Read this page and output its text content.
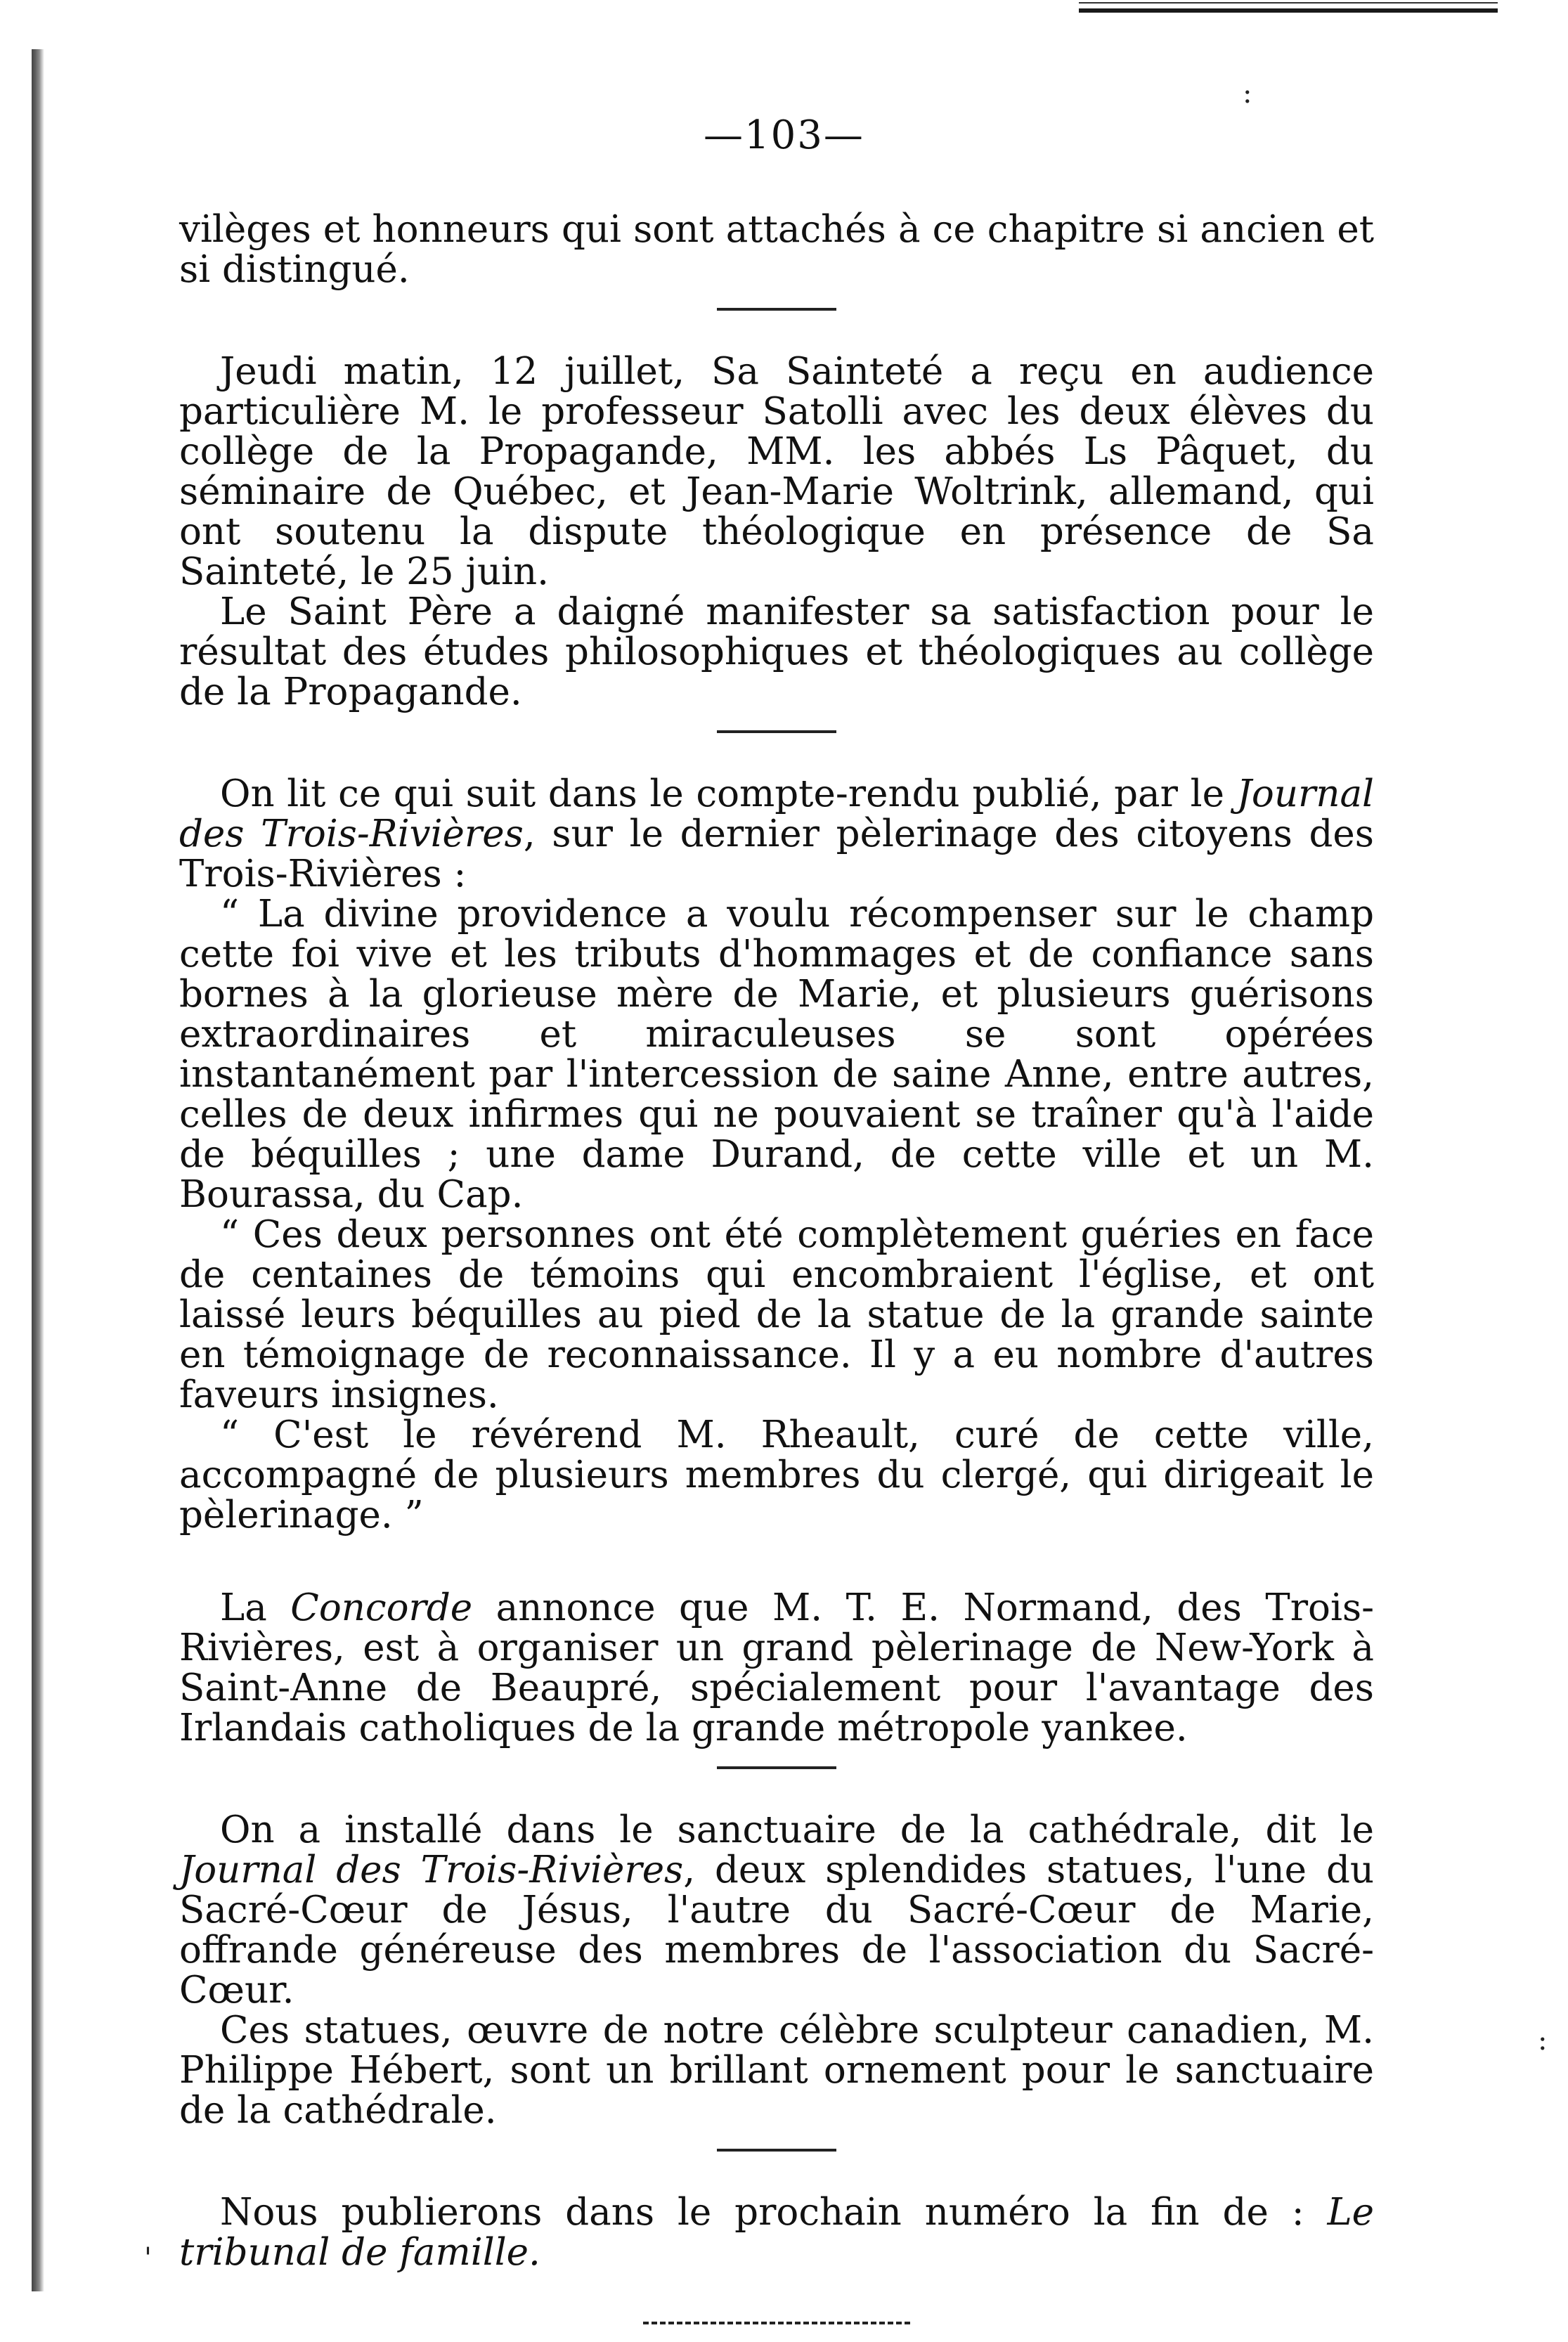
—103—

vilèges et honneurs qui sont attachés à ce chapitre si ancien et si distingué.

Jeudi matin, 12 juillet, Sa Sainteté a reçu en audience particulière M. le professeur Satolli avec les deux élèves du collège de la Propagande, MM. les abbés Ls Pâquet, du séminaire de Québec, et Jean-Marie Woltrink, allemand, qui ont soutenu la dispute théologique en présence de Sa Sainteté, le 25 juin.

Le Saint Père a daigné manifester sa satisfaction pour le résultat des études philosophiques et théologiques au collège de la Propagande.

On lit ce qui suit dans le compte-rendu publié, par le Journal des Trois-Rivières, sur le dernier pèlerinage des citoyens des Trois-Rivières :

“ La divine providence a voulu récompenser sur le champ cette foi vive et les tributs d'hommages et de confiance sans bornes à la glorieuse mère de Marie, et plusieurs guérisons extraordinaires et miraculeuses se sont opérées instantanément par l'intercession de saine Anne, entre autres, celles de deux infirmes qui ne pouvaient se traîner qu'à l'aide de béquilles ; une dame Durand, de cette ville et un M. Bourassa, du Cap.

“ Ces deux personnes ont été complètement guéries en face de centaines de témoins qui encombraient l'église, et ont laissé leurs béquilles au pied de la statue de la grande sainte en témoignage de reconnaissance. Il y a eu nombre d'autres faveurs insignes.

“ C'est le révérend M. Rheault, curé de cette ville, accompagné de plusieurs membres du clergé, qui dirigeait le pèlerinage. ”

La Concorde annonce que M. T. E. Normand, des Trois-Rivières, est à organiser un grand pèlerinage de New-York à Saint-Anne de Beaupré, spécialement pour l'avantage des Irlandais catholiques de la grande métropole yankee.

On a installé dans le sanctuaire de la cathédrale, dit le Journal des Trois-Rivières, deux splendides statues, l'une du Sacré-Cœur de Jésus, l'autre du Sacré-Cœur de Marie, offrande généreuse des membres de l'association du Sacré-Cœur.

Ces statues, œuvre de notre célèbre sculpteur canadien, M. Philippe Hébert, sont un brillant ornement pour le sanctuaire de la cathédrale.

Nous publierons dans le prochain numéro la fin de : Le tribunal de famille.

:
'
:
